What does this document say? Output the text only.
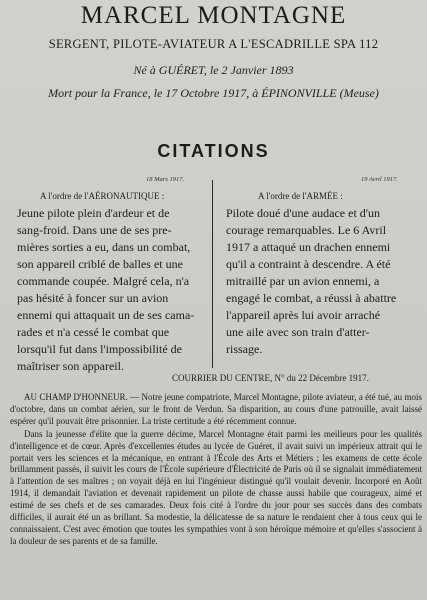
MARCEL MONTAGNE
SERGENT, PILOTE-AVIATEUR A L'ESCADRILLE SPA 112
Né à GUÉRET, le 2 Janvier 1893
Mort pour la France, le 17 Octobre 1917, à ÉPINONVILLE (Meuse)
CITATIONS
18 Mars 1917.
A l'ordre de l'AÉRONAUTIQUE :
Jeune pilote plein d'ardeur et de
sang-froid. Dans une de ses pre-
mières sorties a eu, dans un combat,
son appareil criblé de balles et une
commande coupée. Malgré cela, n'a
pas hésité à foncer sur un avion
ennemi qui attaquait un de ses cama-
rades et n'a cessé le combat que
lorsqu'il fut dans l'impossibilité de
maîtriser son appareil.
19 Avril 1917.
A l'ordre de l'ARMÉE :
Pilote doué d'une audace et d'un
courage remarquables. Le 6 Avril
1917 a attaqué un drachen ennemi
qu'il a contraint à descendre. A été
mitraillé par un avion ennemi, a
engagé le combat, a réussi à abattre
l'appareil après lui avoir arraché
une aile avec son train d'atter-
rissage.
COURRIER DU CENTRE, N° du 22 Décembre 1917.

AU CHAMP D'HONNEUR. — Notre jeune compatriote, Marcel Montagne, pilote aviateur, a été tué, au mois d'octobre, dans un combat aérien, sur le front de Verdun. Sa disparition, au cours d'une patrouille, avait laissé espérer qu'il pouvait être prisonnier. La triste certitude a été récemment connue.

Dans la jeunesse d'élite que la guerre décime, Marcel Montagne était parmi les meilleurs pour les qualités d'intelligence et de cœur. Après d'excellentes études au lycée de Guéret, il avait suivi un impérieux attrait qui le portait vers les sciences et la mécanique, en entrant à l'École des Arts et Métiers ; les examens de cette école brillamment passés, il suivit les cours de l'École supérieure d'Électricité de Paris où il se signalait immédiatement à l'attention de ses maîtres ; on voyait déjà en lui l'ingénieur distingué qu'il voulait devenir. Incorporé en Août 1914, il demandait l'aviation et devenait rapidement un pilote de chasse aussi habile que courageux, aimé et estimé de ses chefs et de ses camarades. Deux fois cité à l'ordre du jour pour ses succès dans des combats difficiles, il aurait été un as brillant. Sa modestie, la délicatesse de sa nature le rendaient cher à tous ceux qui le connaissaient. C'est avec émotion que toutes les sympathies vont à son héroïque mémoire et qu'elles s'associent à la douleur de ses parents et de sa famille.
